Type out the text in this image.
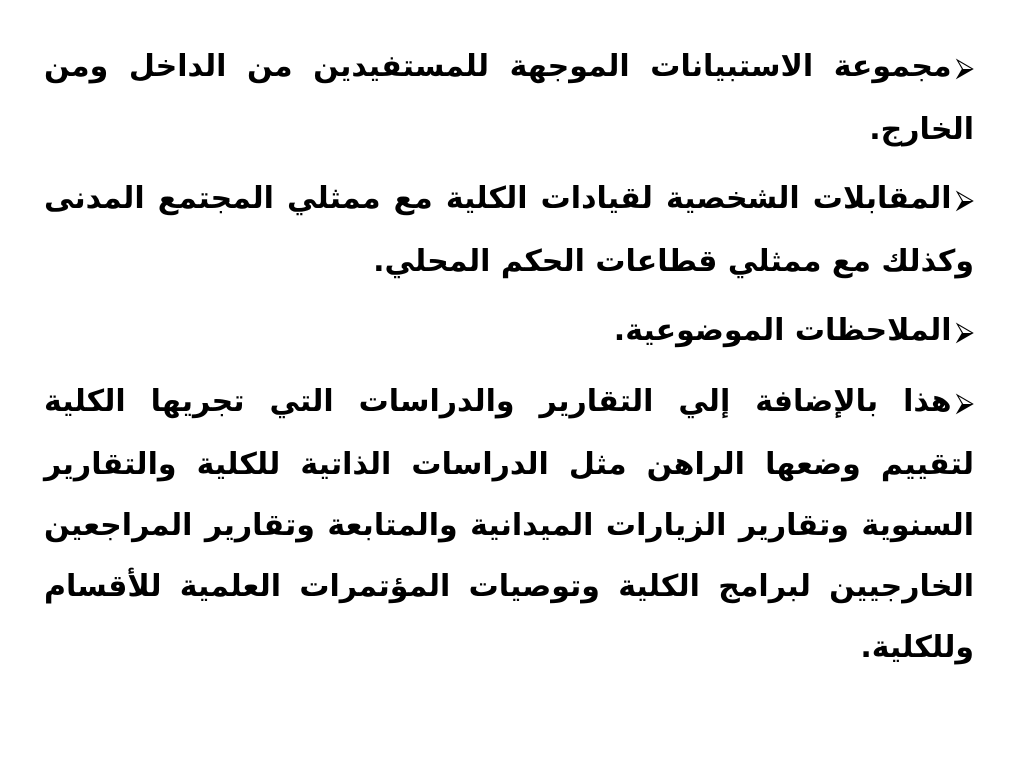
⮚مجموعة الاستبيانات الموجهة للمستفيدين من الداخل ومن الخارج.
⮚المقابلات الشخصية لقيادات الكلية مع ممثلي المجتمع المدنى وكذلك مع ممثلي قطاعات الحكم المحلي.
⮚الملاحظات الموضوعية.
⮚هذا بالإضافة إلي التقارير والدراسات التي تجريها الكلية لتقييم وضعها الراهن مثل الدراسات الذاتية للكلية والتقارير السنوية وتقارير الزيارات الميدانية والمتابعة وتقارير المراجعين الخارجيين لبرامج الكلية وتوصيات المؤتمرات العلمية للأقسام وللكلية.
